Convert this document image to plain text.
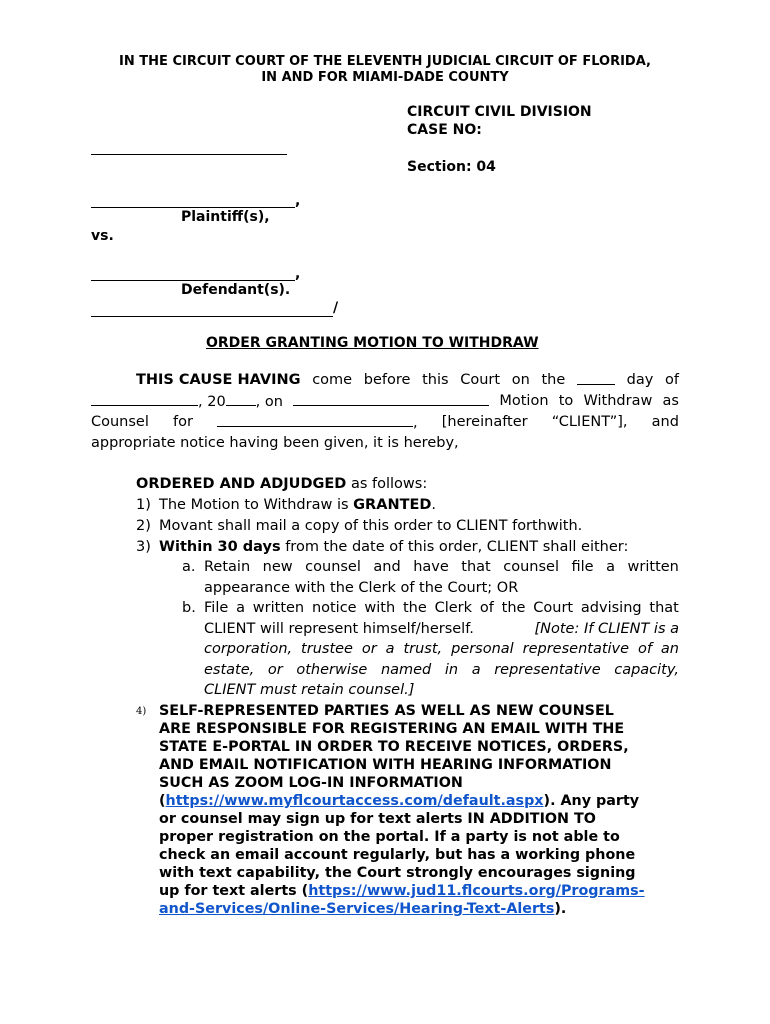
IN THE CIRCUIT COURT OF THE ELEVENTH JUDICIAL CIRCUIT OF FLORIDA,
IN AND FOR MIAMI-DADE COUNTY
CIRCUIT CIVIL DIVISION
CASE NO:
Section: 04
,
Plaintiff(s),
vs.
,
Defendant(s).
/
ORDER GRANTING MOTION TO WITHDRAW
THIS CAUSE HAVING come before this Court on the	day of
, 20 , on	Motion to Withdraw as
Counsel for	, [hereinafter “CLIENT”], and
appropriate notice having been given, it is hereby,
ORDERED AND ADJUDGED as follows:
1) The Motion to Withdraw is GRANTED.
2) Movant shall mail a copy of this order to CLIENT forthwith.
3) Within 30 days from the date of this order, CLIENT shall either:
a. Retain new counsel and have that counsel file a written
appearance with the Clerk of the Court; OR
b. File a written notice with the Clerk of the Court advising that
CLIENT will represent himself/herself.	[Note: If CLIENT is a
corporation, trustee or a trust, personal representative of an
estate, or otherwise named in a representative capacity,
CLIENT must retain counsel.]
4) SELF-REPRESENTED PARTIES AS WELL AS NEW COUNSEL
ARE RESPONSIBLE FOR REGISTERING AN EMAIL WITH THE
STATE E-PORTAL IN ORDER TO RECEIVE NOTICES, ORDERS,
AND EMAIL NOTIFICATION WITH HEARING INFORMATION
SUCH AS ZOOM LOG-IN INFORMATION
(https://www.myflcourtaccess.com/default.aspx). Any party
or counsel may sign up for text alerts IN ADDITION TO
proper registration on the portal. If a party is not able to
check an email account regularly, but has a working phone
with text capability, the Court strongly encourages signing
up for text alerts (https://www.jud11.flcourts.org/Programs-
and-Services/Online-Services/Hearing-Text-Alerts).
